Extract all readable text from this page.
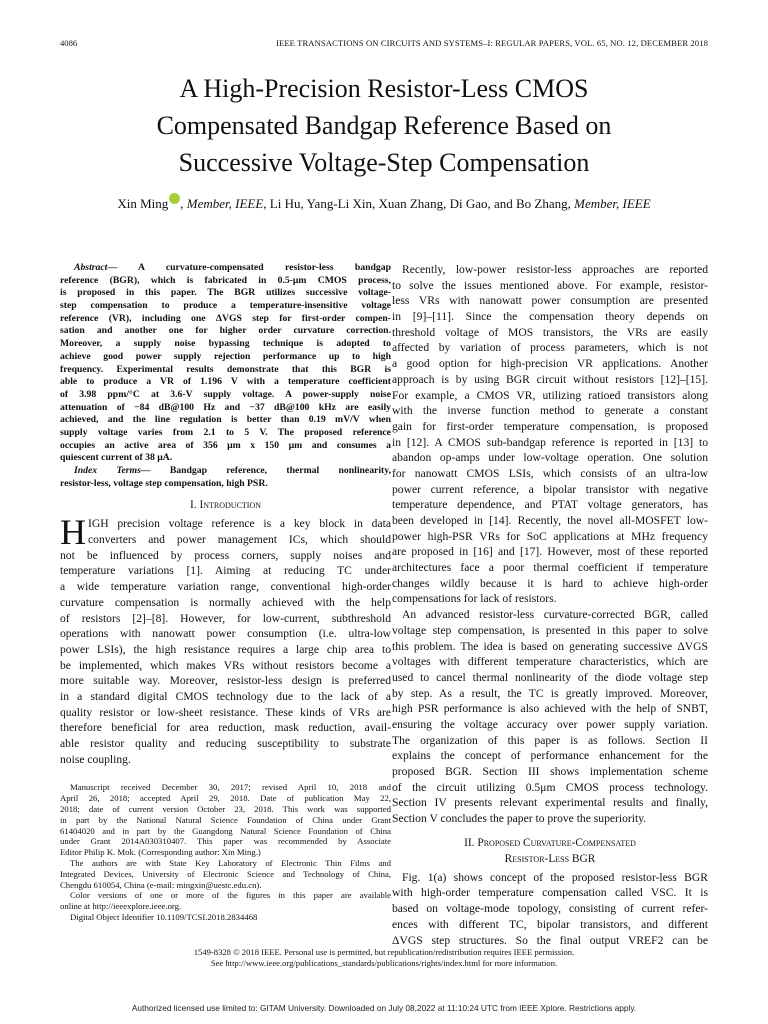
4086	IEEE TRANSACTIONS ON CIRCUITS AND SYSTEMS–I: REGULAR PAPERS, VOL. 65, NO. 12, DECEMBER 2018
A High-Precision Resistor-Less CMOS
Compensated Bandgap Reference Based on
Successive Voltage-Step Compensation
Xin Ming , Member, IEEE, Li Hu, Yang-Li Xin, Xuan Zhang, Di Gao, and Bo Zhang, Member, IEEE
Abstract— A curvature-compensated resistor-less bandgap
reference (BGR), which is fabricated in 0.5-μm CMOS process,
is proposed in this paper. The BGR utilizes successive voltage-
step compensation to produce a temperature-insensitive voltage
reference (VR), including one ΔVGS step for first-order compen-
sation and another one for higher order curvature correction.
Moreover, a supply noise bypassing technique is adopted to
achieve good power supply rejection performance up to high
frequency. Experimental results demonstrate that this BGR is
able to produce a VR of 1.196 V with a temperature coefficient
of 3.98 ppm/°C at 3.6-V supply voltage. A power-supply noise
attenuation of −84 dB@100 Hz and −37 dB@100 kHz are easily
achieved, and the line regulation is better than 0.19 mV/V when
supply voltage varies from 2.1 to 5 V. The proposed reference
occupies an active area of 356 μm x 150 μm and consumes a
quiescent current of 38 μA.
Index Terms— Bandgap reference, thermal nonlinearity,
resistor-less, voltage step compensation, high PSR.
I. Introduction
H IGH precision voltage reference is a key block in data
converters and power management ICs, which should
not be influenced by process corners, supply noises and
temperature variations [1]. Aiming at reducing TC under
a wide temperature variation range, conventional high-order
curvature compensation is normally achieved with the help
of resistors [2]–[8]. However, for low-current, subthreshold
operations with nanowatt power consumption (i.e. ultra-low
power LSIs), the high resistance requires a large chip area to
be implemented, which makes VRs without resistors become a
more suitable way. Moreover, resistor-less design is preferred
in a standard digital CMOS technology due to the lack of a
quality resistor or low-sheet resistance. These kinds of VRs are
therefore beneficial for area reduction, mask reduction, avail-
able resistor quality and reducing susceptibility to substrate
noise coupling.
Manuscript received December 30, 2017; revised April 10, 2018 and
April 26, 2018; accepted April 29, 2018. Date of publication May 22,
2018; date of current version October 23, 2018. This work was supported
in part by the National Natural Science Foundation of China under Grant
61404020 and in part by the Guangdong Natural Science Foundation of China
under Grant 2014A030310407. This paper was recommended by Associate
Editor Philip K. Mok. (Corresponding author: Xin Ming.)
The authors are with State Key Laboratory of Electronic Thin Films and
Integrated Devices, University of Electronic Science and Technology of China,
Chengdu 610054, China (e-mail: mingxin@uestc.edu.cn).
Color versions of one or more of the figures in this paper are available
online at http://ieeexplore.ieee.org.
Digital Object Identifier 10.1109/TCSI.2018.2834468
Recently, low-power resistor-less approaches are reported
to solve the issues mentioned above. For example, resistor-
less VRs with nanowatt power consumption are presented
in [9]–[11]. Since the compensation theory depends on
threshold voltage of MOS transistors, the VRs are easily
affected by variation of process parameters, which is not
a good option for high-precision VR applications. Another
approach is by using BGR circuit without resistors [12]–[15].
For example, a CMOS VR, utilizing ratioed transistors along
with the inverse function method to generate a constant
gain for first-order temperature compensation, is proposed
in [12]. A CMOS sub-bandgap reference is reported in [13] to
abandon op-amps under low-voltage operation. One solution
for nanowatt CMOS LSIs, which consists of an ultra-low
power current reference, a bipolar transistor with negative
temperature dependence, and PTAT voltage generators, has
been developed in [14]. Recently, the novel all-MOSFET low-
power high-PSR VRs for SoC applications at MHz frequency
are proposed in [16] and [17]. However, most of these reported
architectures face a poor thermal coefficient if temperature
changes wildly because it is hard to achieve high-order
compensations for lack of resistors.
An advanced resistor-less curvature-corrected BGR, called
voltage step compensation, is presented in this paper to solve
this problem. The idea is based on generating successive ΔVGS
voltages with different temperature characteristics, which are
used to cancel thermal nonlinearity of the diode voltage step
by step. As a result, the TC is greatly improved. Moreover,
high PSR performance is also achieved with the help of SNBT,
ensuring the voltage accuracy over power supply variation.
The organization of this paper is as follows. Section II
explains the concept of performance enhancement for the
proposed BGR. Section III shows implementation scheme
of the circuit utilizing 0.5μm CMOS process technology.
Section IV presents relevant experimental results and finally,
Section V concludes the paper to prove the superiority.
II. Proposed Curvature-Compensated
Resistor-Less BGR
Fig. 1(a) shows concept of the proposed resistor-less BGR
with high-order temperature compensation called VSC. It is
based on voltage-mode topology, consisting of current refer-
ences with different TC, bipolar transistors, and different
ΔVGS step structures. So the final output VREF2 can be
1549-8328 © 2018 IEEE. Personal use is permitted, but republication/redistribution requires IEEE permission.
See http://www.ieee.org/publications_standards/publications/rights/index.html for more information.
Authorized licensed use limited to: GITAM University. Downloaded on July 08,2022 at 11:10:24 UTC from IEEE Xplore. Restrictions apply.
